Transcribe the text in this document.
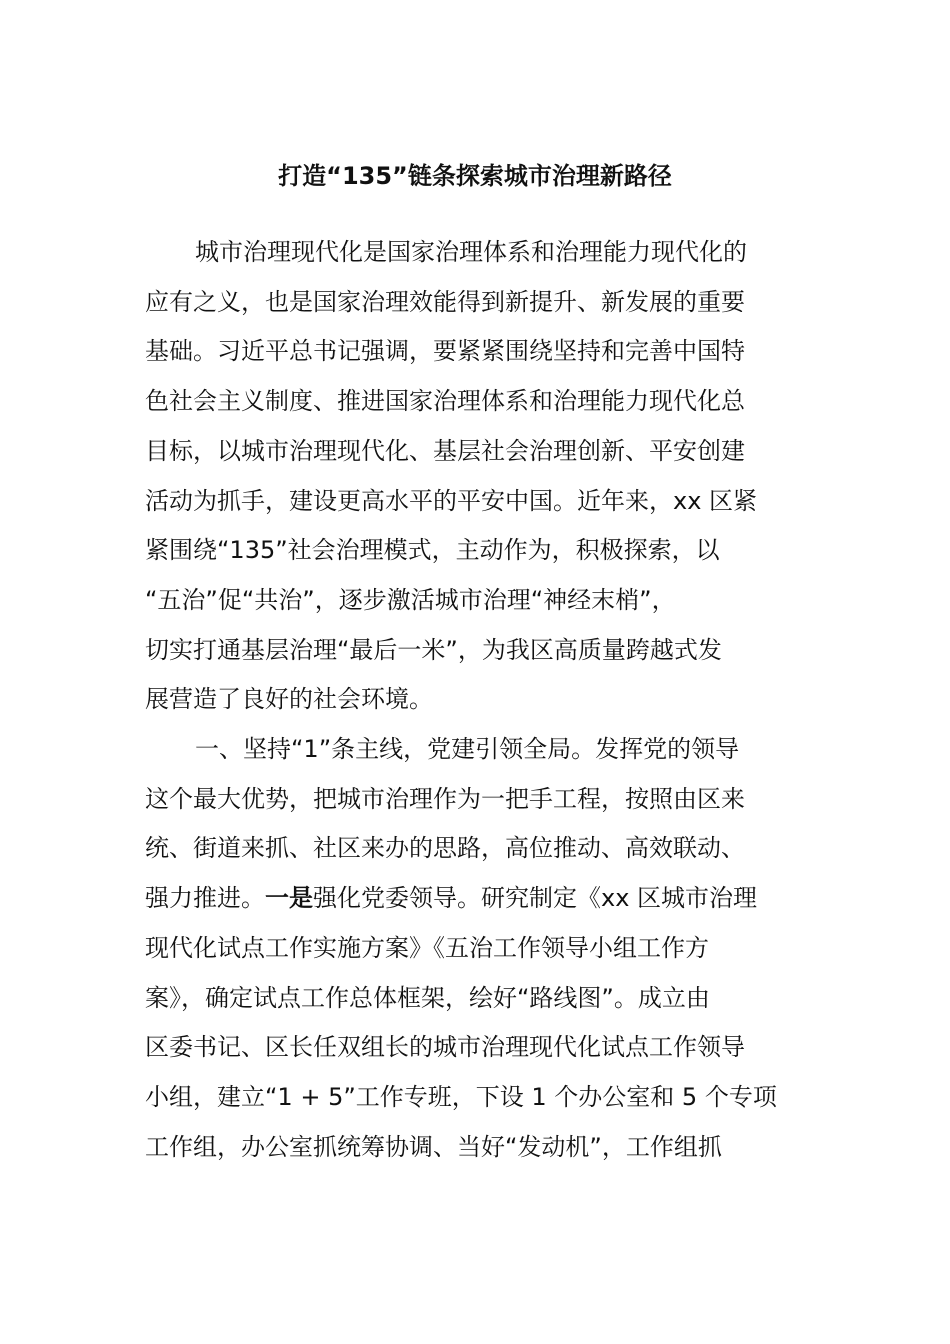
打造“135”链条探索城市治理新路径
城市治理现代化是国家治理体系和治理能力现代化的
应有之义，也是国家治理效能得到新提升、新发展的重要
基础。习近平总书记强调，要紧紧围绕坚持和完善中国特
色社会主义制度、推进国家治理体系和治理能力现代化总
目标，以城市治理现代化、基层社会治理创新、平安创建
活动为抓手，建设更高水平的平安中国。近年来，xx 区紧
紧围绕“135”社会治理模式，主动作为，积极探索，以
“五治”促“共治”，逐步激活城市治理“神经末梢”，
切实打通基层治理“最后一米”，为我区高质量跨越式发
展营造了良好的社会环境。
一、坚持“1”条主线，党建引领全局。发挥党的领导
这个最大优势，把城市治理作为一把手工程，按照由区来
统、街道来抓、社区来办的思路，高位推动、高效联动、
强力推进。一是强化党委领导。研究制定《xx 区城市治理
现代化试点工作实施方案》《五治工作领导小组工作方
案》，确定试点工作总体框架，绘好“路线图”。成立由
区委书记、区长任双组长的城市治理现代化试点工作领导
小组，建立“1 + 5”工作专班，下设 1 个办公室和 5 个专项
工作组，办公室抓统筹协调、当好“发动机”，工作组抓
